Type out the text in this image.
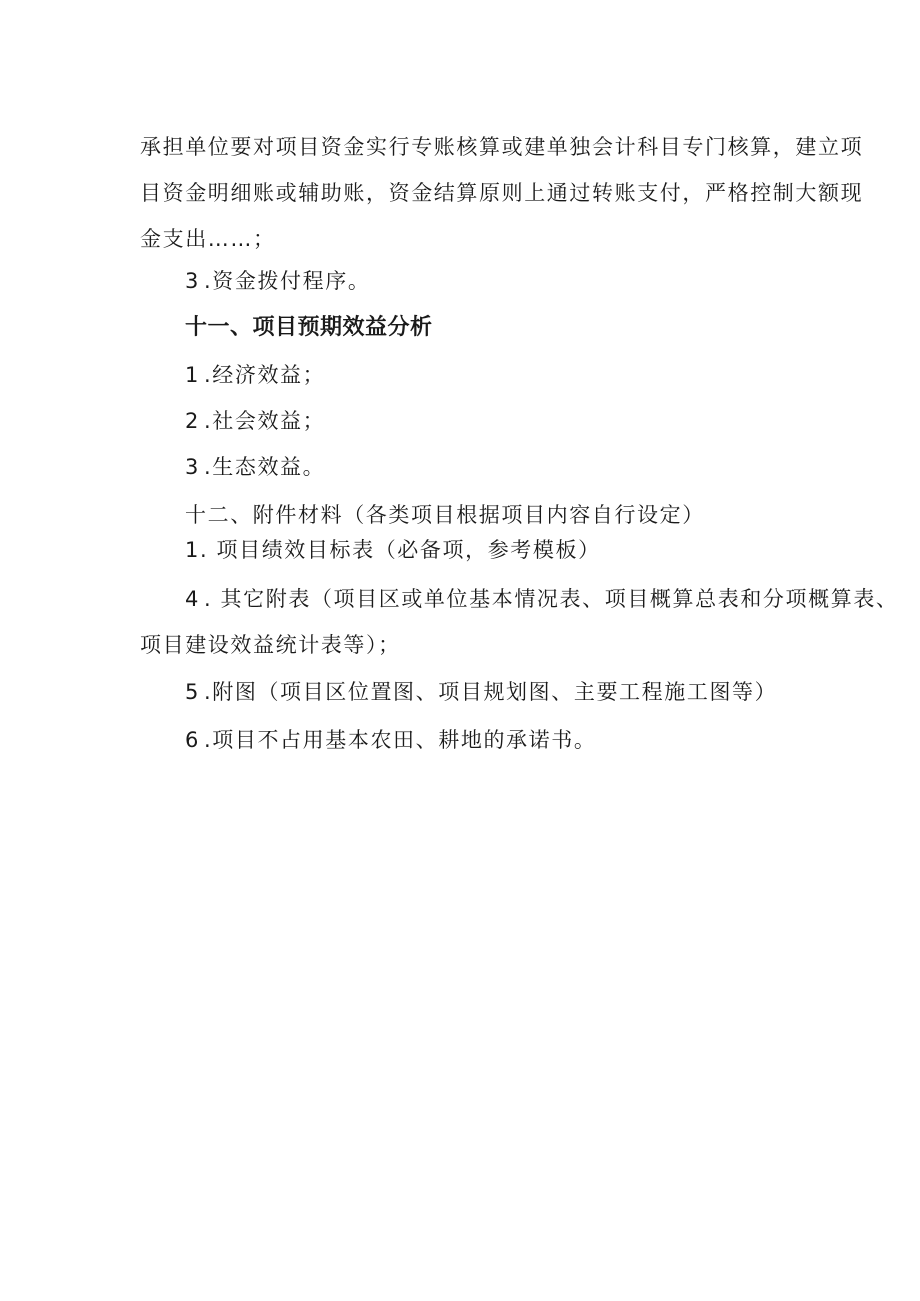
承担单位要对项目资金实行专账核算或建单独会计科目专门核算，建立项
目资金明细账或辅助账，资金结算原则上通过转账支付，严格控制大额现
金支出……；
3 .资金拨付程序。
十一、项目预期效益分析
1 .经济效益；
2 .社会效益；
3 .生态效益。
十二、附件材料（各类项目根据项目内容自行设定）
1. 项目绩效目标表（必备项，参考模板）
4 . 其它附表（项目区或单位基本情况表、项目概算总表和分项概算表、
项目建设效益统计表等）；
5 .附图（项目区位置图、项目规划图、主要工程施工图等）
6 .项目不占用基本农田、耕地的承诺书。
